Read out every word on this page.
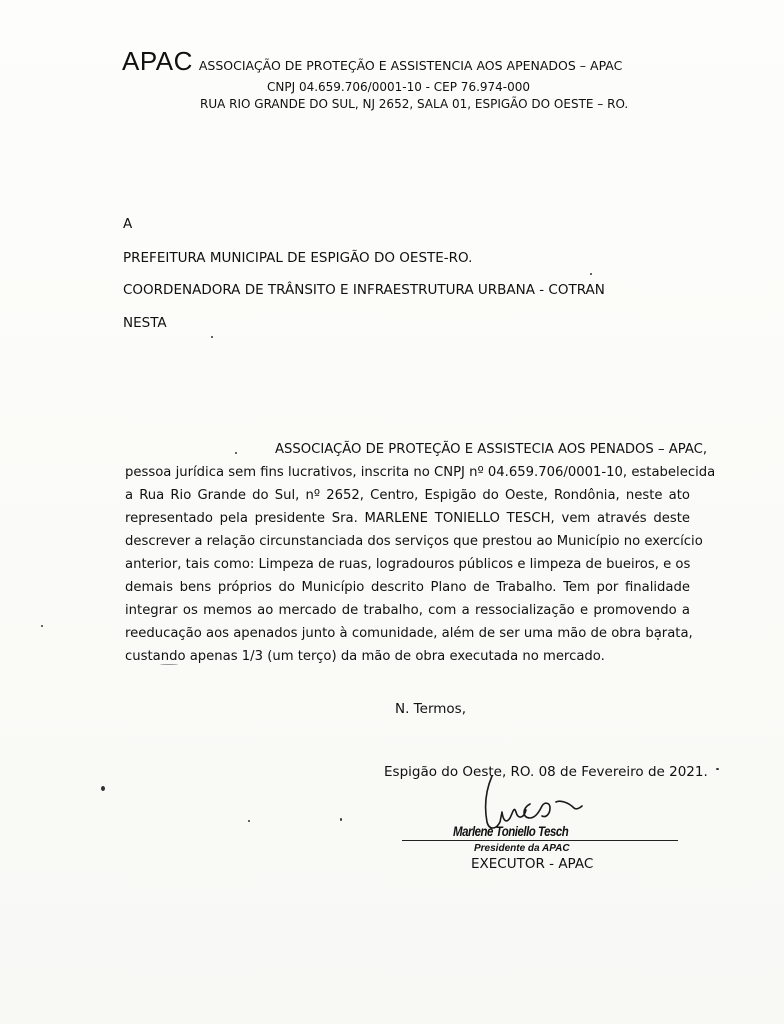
APAC ASSOCIAÇÃO DE PROTEÇÃO E ASSISTENCIA AOS APENADOS – APAC
CNPJ 04.659.706/0001-10 - CEP 76.974-000
RUA RIO GRANDE DO SUL, NJ 2652, SALA 01, ESPIGÃO DO OESTE – RO.
A
PREFEITURA MUNICIPAL DE ESPIGÃO DO OESTE-RO.
COORDENADORA DE TRÂNSITO E INFRAESTRUTURA URBANA - COTRAN
NESTA
ASSOCIAÇÃO DE PROTEÇÃO E ASSISTECIA AOS PENADOS – APAC,
pessoa jurídica sem fins lucrativos, inscrita no CNPJ nº 04.659.706/0001-10, estabelecida
a Rua Rio Grande do Sul, nº 2652, Centro, Espigão do Oeste, Rondônia, neste ato
representado pela presidente Sra. MARLENE TONIELLO TESCH, vem através deste
descrever a relação circunstanciada dos serviços que prestou ao Município no exercício
anterior, tais como: Limpeza de ruas, logradouros públicos e limpeza de bueiros, e os
demais bens próprios do Município descrito Plano de Trabalho. Tem por finalidade
integrar os memos ao mercado de trabalho, com a ressocialização e promovendo a
reeducação aos apenados junto à comunidade, além de ser uma mão de obra barata,
custando apenas 1/3 (um terço) da mão de obra executada no mercado.
N. Termos,
Espigão do Oeste, RO. 08 de Fevereiro de 2021.
Marlene Toniello Tesch
Presidente da APAC
EXECUTOR - APAC
